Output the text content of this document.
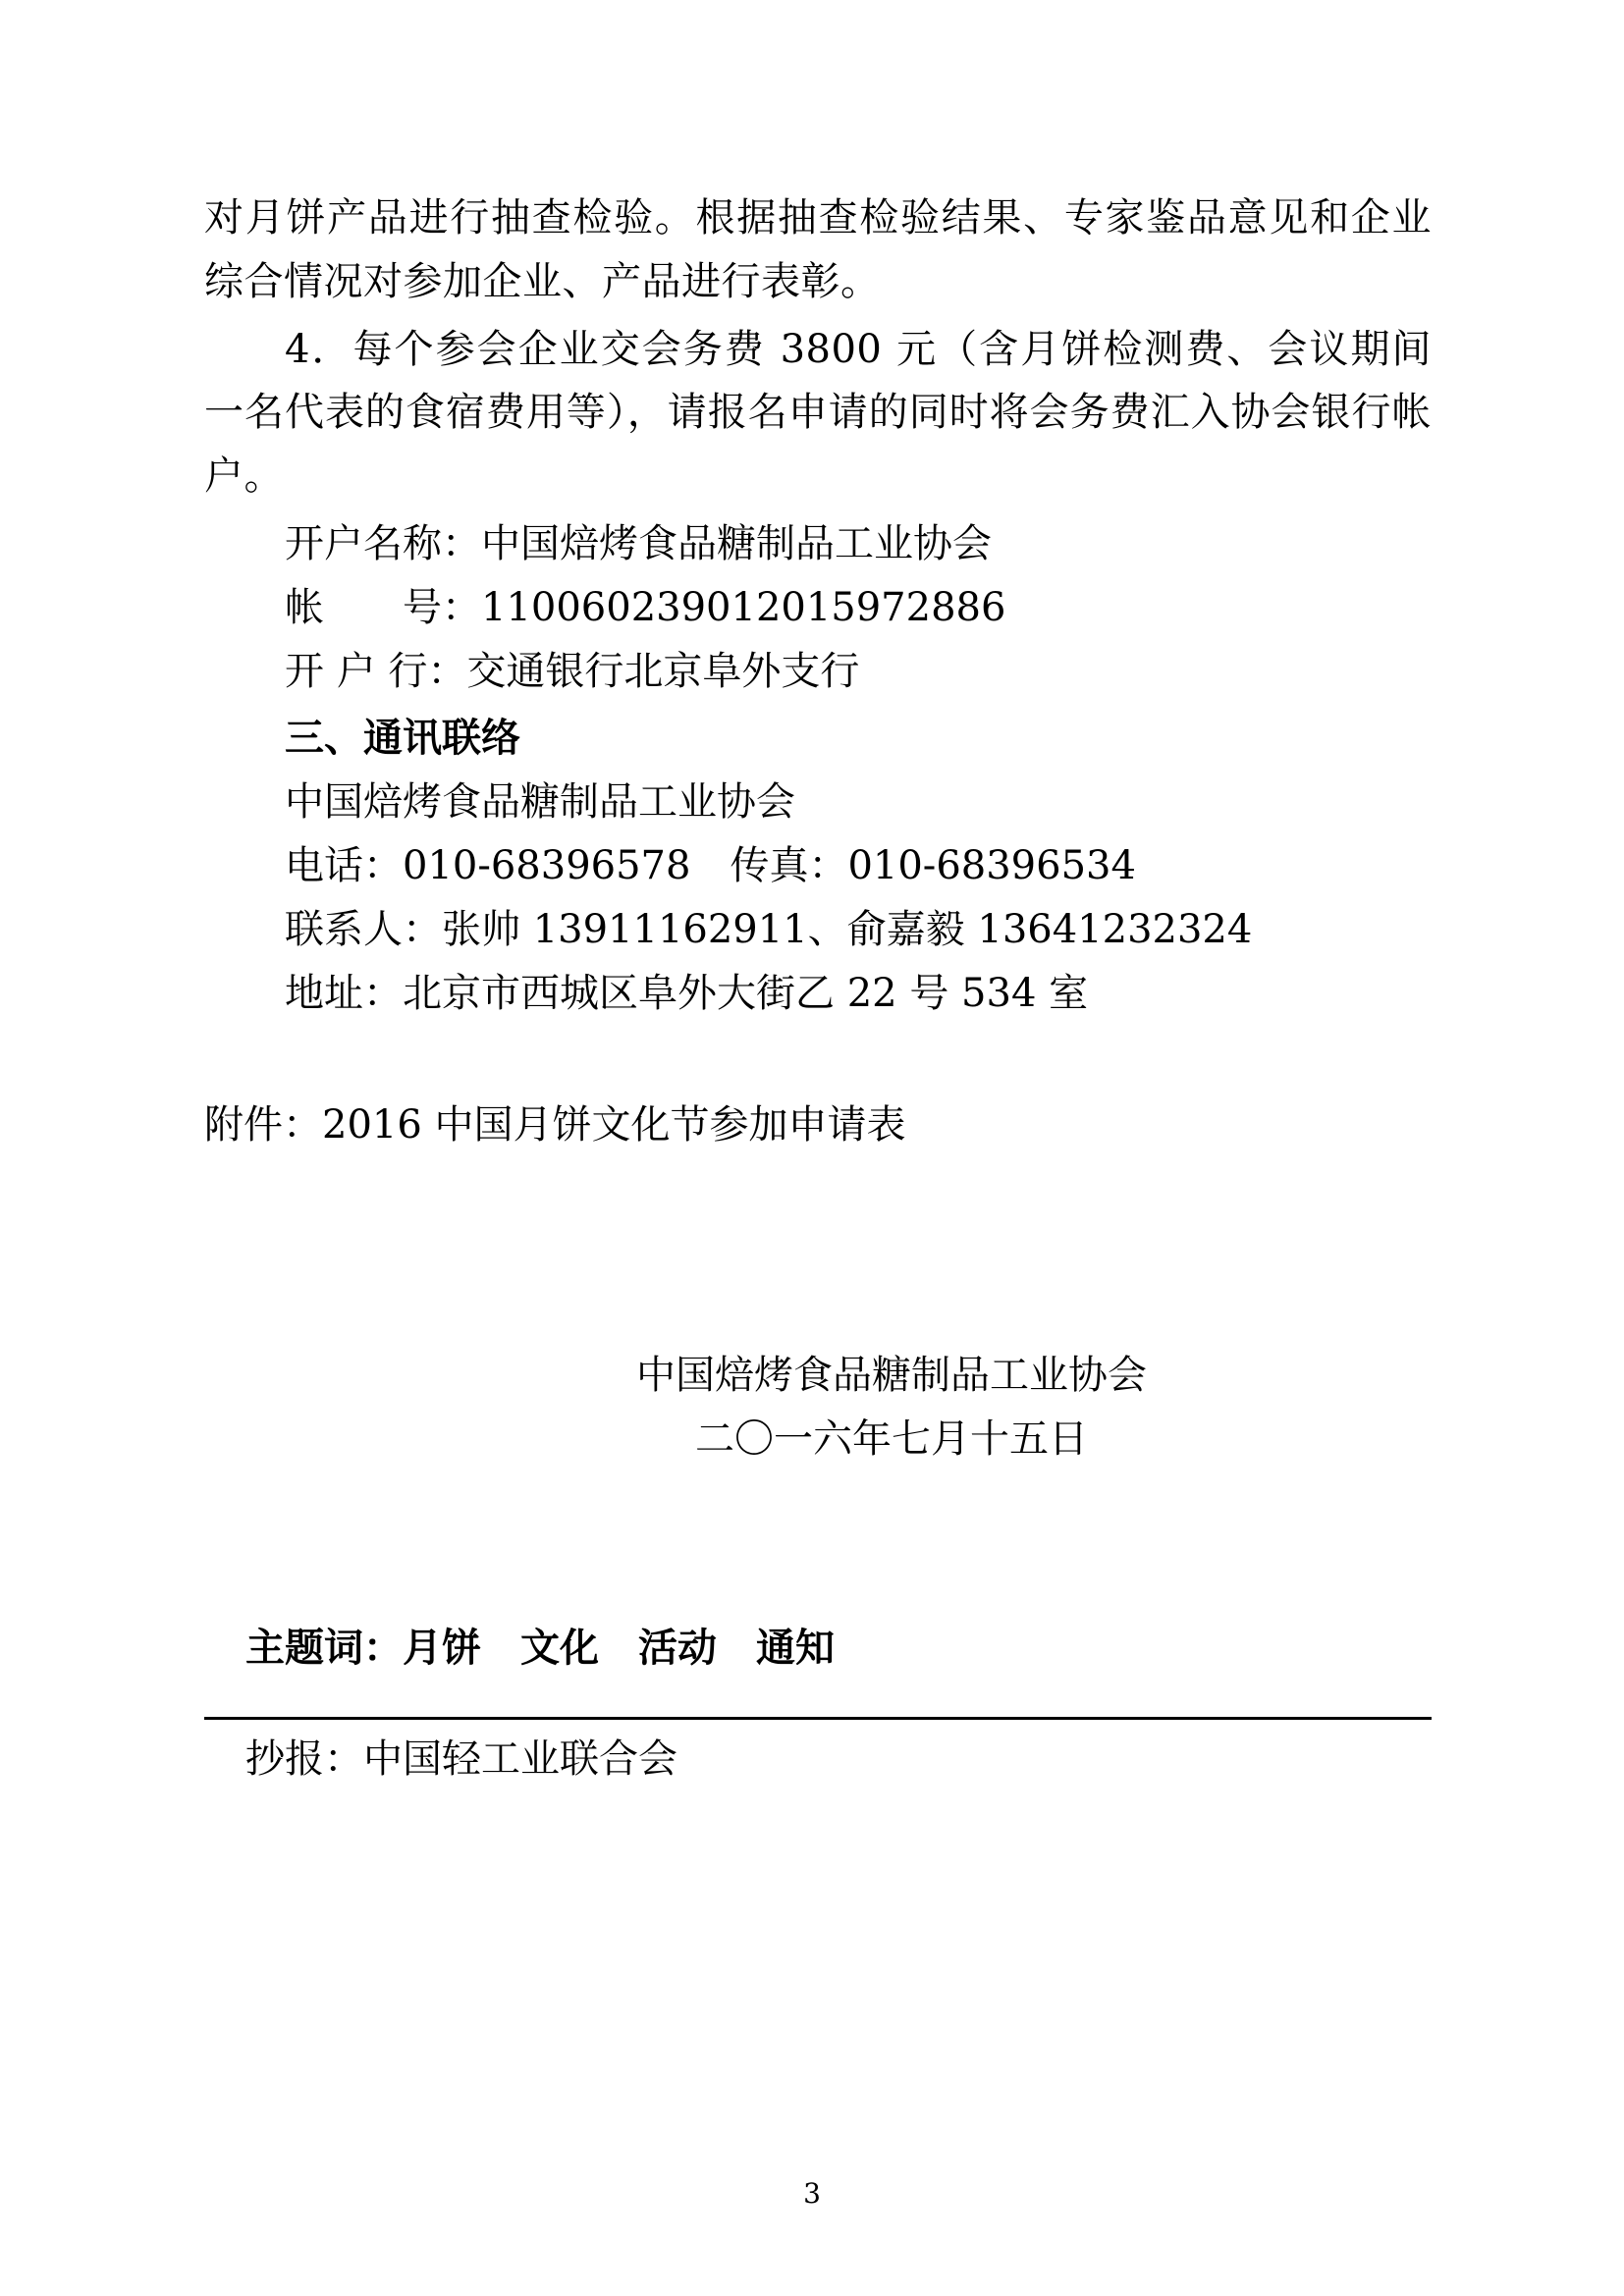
对月饼产品进行抽查检验。根据抽查检验结果、专家鉴品意见和企业综合情况对参加企业、产品进行表彰。

4．每个参会企业交会务费 3800 元（含月饼检测费、会议期间一名代表的食宿费用等），请报名申请的同时将会务费汇入协会银行帐户。

开户名称：中国焙烤食品糖制品工业协会

帐　　号：110060239012015972886

开 户 行：交通银行北京阜外支行

三、通讯联络

中国焙烤食品糖制品工业协会

电话：010-68396578　传真：010-68396534

联系人：张帅 13911162911、俞嘉毅 13641232324

地址：北京市西城区阜外大街乙 22 号 534 室

附件：2016 中国月饼文化节参加申请表

中国焙烤食品糖制品工业协会

二〇一六年七月十五日

主题词：月饼　文化　活动　通知

抄报：中国轻工业联合会

3
